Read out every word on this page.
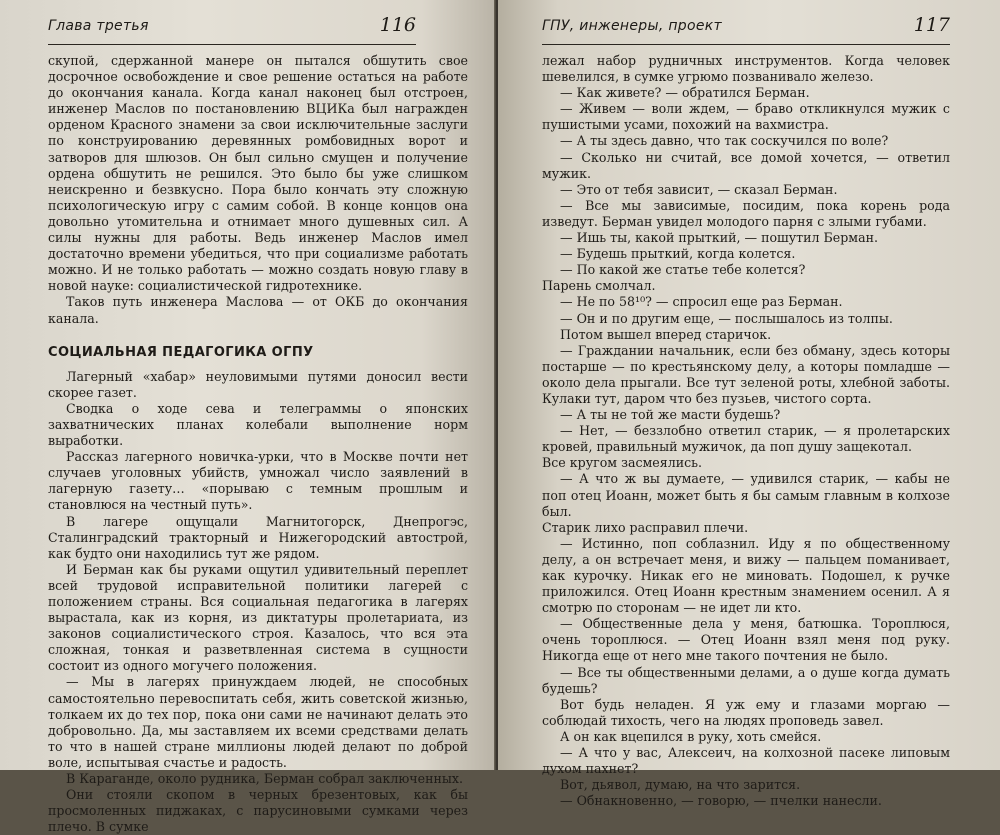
Глава третья	116

скупой, сдержанной манере он пытался обшутить свое досрочное освобождение и свое решение остаться на работе до окончания канала. Когда канал наконец был отстроен, инженер Маслов по постановлению ВЦИКа был награжден орденом Красного знамени за свои исключительные заслуги по конструированию деревянных ромбовидных ворот и затворов для шлюзов. Он был сильно смущен и получение ордена обшутить не решился. Это было бы уже слишком неискренно и безвкусно. Пора было кончать эту сложную психологическую игру с самим собой. В конце концов она довольно утомительна и отнимает много душевных сил. А силы нужны для работы. Ведь инженер Маслов имел достаточно времени убедиться, что при социализме работать можно. И не только работать — можно создать новую главу в новой науке: социалистической гидротехнике.

Таков путь инженера Маслова — от ОКБ до окончания канала.

СОЦИАЛЬНАЯ ПЕДАГОГИКА ОГПУ

Лагерный «хабар» неуловимыми путями доносил вести скорее газет.

Сводка о ходе сева и телеграммы о японских захватнических планах колебали выполнение норм выработки.

Рассказ лагерного новичка-урки, что в Москве почти нет случаев уголовных убийств, умножал число заявлений в лагерную газету… «порываю с темным прошлым и становлюся на честный путь».

В лагере ощущали Магнитогорск, Днепрогэс, Сталинградский тракторный и Нижегородский автострой, как будто они находились тут же рядом.

И Берман как бы руками ощутил удивительный переплет всей трудовой исправительной политики лагерей с положением страны. Вся социальная педагогика в лагерях вырастала, как из корня, из диктатуры пролетариата, из законов социалистического строя. Казалось, что вся эта сложная, тонкая и разветвленная система в сущности состоит из одного могучего положения.

— Мы в лагерях принуждаем людей, не способных самостоятельно перевоспитать себя, жить советской жизнью, толкаем их до тех пор, пока они сами не начинают делать это добровольно. Да, мы заставляем их всеми средствами делать то что в нашей стране миллионы людей делают по доброй воле, испытывая счастье и радость.

В Караганде, около рудника, Берман собрал заключенных.

Они стояли скопом в черных брезентовых, как бы просмоленных пиджаках, с парусиновыми сумками через плечо. В сумке

ГПУ, инженеры, проект	117

лежал набор рудничных инструментов. Когда человек шевелился, в сумке угрюмо позванивало железо.

— Как живете? — обратился Берман.

— Живем — воли ждем, — браво откликнулся мужик с пушистыми усами, похожий на вахмистра.

— А ты здесь давно, что так соскучился по воле?

— Сколько ни считай, все домой хочется, — ответил мужик.

— Это от тебя зависит, — сказал Берман.

— Все мы зависимые, посидим, пока корень рода изведут. Берман увидел молодого парня с злыми губами.

— Ишь ты, какой прыткий, — пошутил Берман.

— Будешь прыткий, когда колется.

— По какой же статье тебе колется?

Парень смолчал.

— Не по 58¹⁰? — спросил еще раз Берман.

— Он и по другим еще, — послышалось из толпы.

Потом вышел вперед старичок.

— Граждании начальник, если без обману, здесь которы постарше — по крестьянскому делу, а которы помладше — около дела прыгали. Все тут зеленой роты, хлебной заботы. Кулаки тут, даром что без пузьев, чистого сорта.

— А ты не той же масти будешь?

— Нет, — беззлобно ответил старик, — я пролетарских кровей, правильный мужичок, да поп душу защекотал.

Все кругом засмеялись.

— А что ж вы думаете, — удивился старик, — кабы не поп отец Иоанн, может быть я бы самым главным в колхозе был.

Старик лихо расправил плечи.

— Истинно, поп соблазнил. Иду я по общественному делу, а он встречает меня, и вижу — пальцем поманивает, как курочку. Никак его не миновать. Подошел, к ручке приложился. Отец Иоанн крестным знамением осенил. А я смотрю по сторонам — не идет ли кто.

— Общественные дела у меня, батюшка. Тороплюся, очень тороплюся. — Отец Иоанн взял меня под руку. Никогда еще от него мне такого почтения не было.

— Все ты общественными делами, а о душе когда думать будешь?

Вот будь неладен. Я уж ему и глазами моргаю — соблюдай тихость, чего на людях проповедь завел.

А он как вцепился в руку, хоть смейся.

— А что у вас, Алексеич, на колхозной пасеке липовым духом пахнет?

Вот, дьявол, думаю, на что зарится.

— Обнакновенно, — говорю, — пчелки нанесли.
